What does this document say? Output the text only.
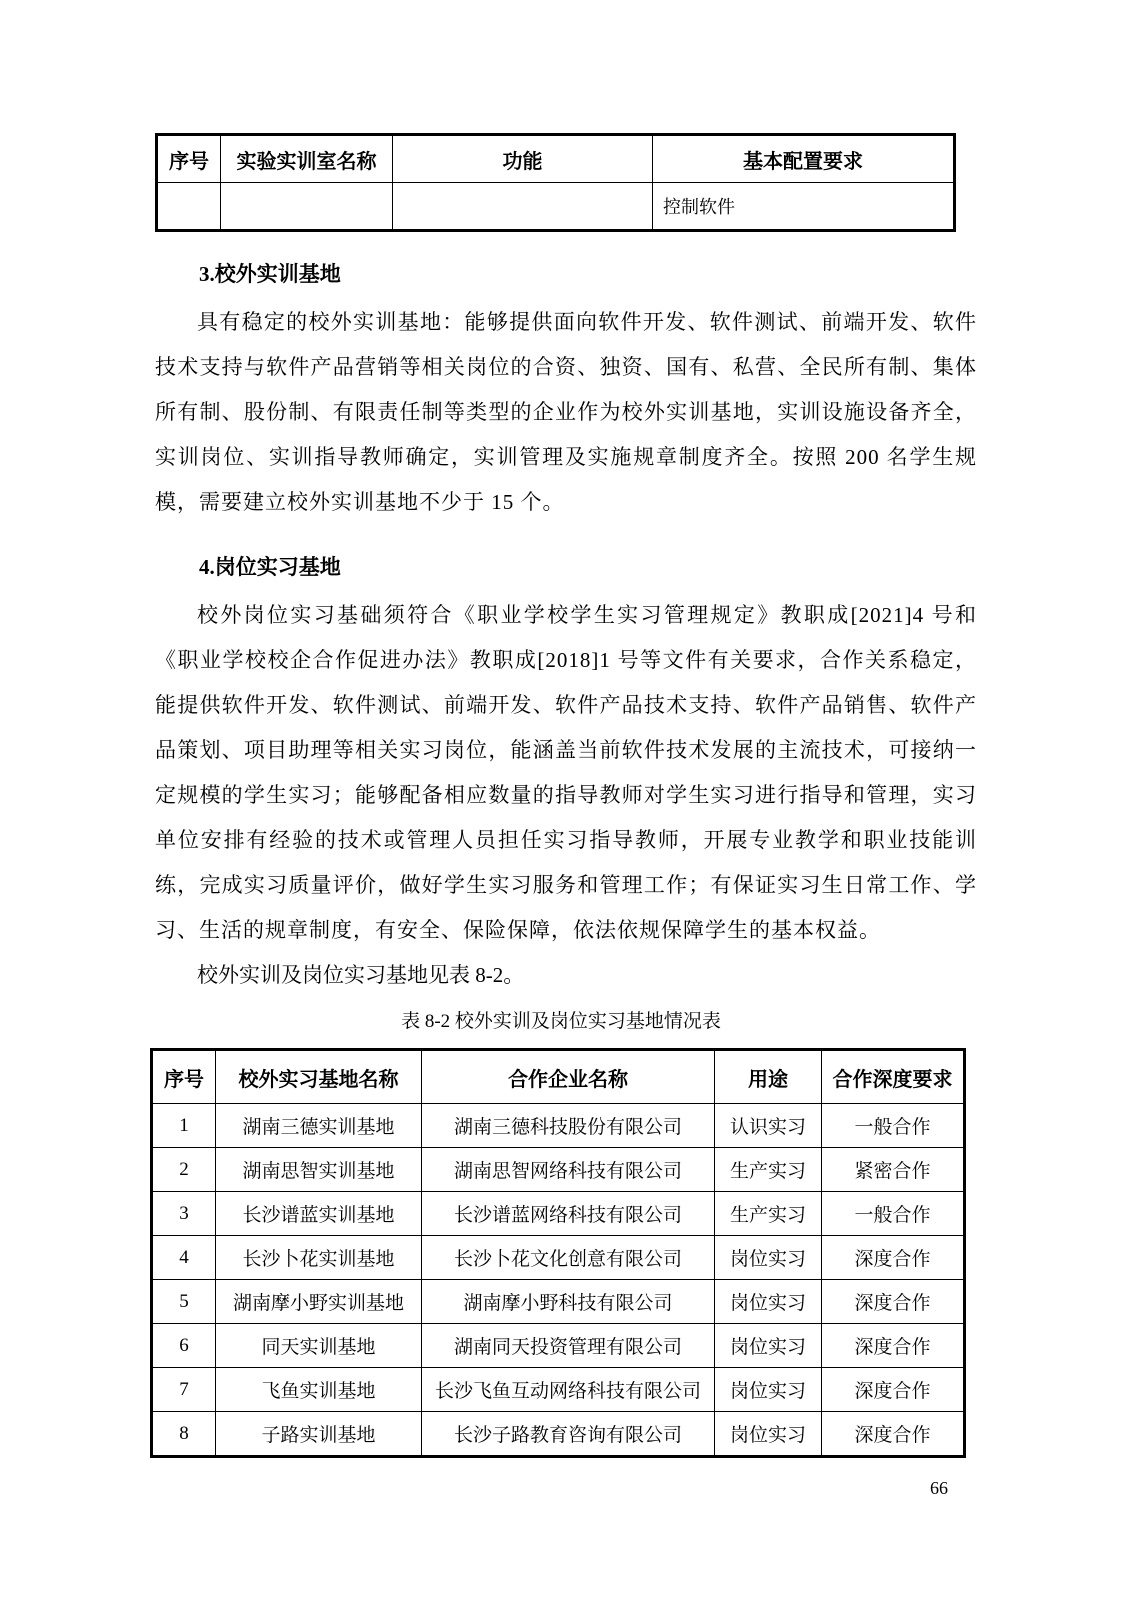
序号	实验实训室名称	功能	基本配置要求
			控制软件
3.校外实训基地

具有稳定的校外实训基地：能够提供面向软件开发、软件测试、前端开发、软件技术支持与软件产品营销等相关岗位的合资、独资、国有、私营、全民所有制、集体所有制、股份制、有限责任制等类型的企业作为校外实训基地，实训设施设备齐全，实训岗位、实训指导教师确定，实训管理及实施规章制度齐全。按照 200 名学生规模，需要建立校外实训基地不少于 15 个。

4.岗位实习基地

校外岗位实习基础须符合《职业学校学生实习管理规定》教职成[2021]4 号和《职业学校校企合作促进办法》教职成[2018]1 号等文件有关要求，合作关系稳定，能提供软件开发、软件测试、前端开发、软件产品技术支持、软件产品销售、软件产品策划、项目助理等相关实习岗位，能涵盖当前软件技术发展的主流技术，可接纳一定规模的学生实习；能够配备相应数量的指导教师对学生实习进行指导和管理，实习单位安排有经验的技术或管理人员担任实习指导教师，开展专业教学和职业技能训练，完成实习质量评价，做好学生实习服务和管理工作；有保证实习生日常工作、学习、生活的规章制度，有安全、保险保障，依法依规保障学生的基本权益。

校外实训及岗位实习基地见表 8-2。

表 8-2 校外实训及岗位实习基地情况表

序号	校外实习基地名称	合作企业名称	用途	合作深度要求
1	湖南三德实训基地	湖南三德科技股份有限公司	认识实习	一般合作
2	湖南思智实训基地	湖南思智网络科技有限公司	生产实习	紧密合作
3	长沙谱蓝实训基地	长沙谱蓝网络科技有限公司	生产实习	一般合作
4	长沙卜花实训基地	长沙卜花文化创意有限公司	岗位实习	深度合作
5	湖南摩小野实训基地	湖南摩小野科技有限公司	岗位实习	深度合作
6	同天实训基地	湖南同天投资管理有限公司	岗位实习	深度合作
7	飞鱼实训基地	长沙飞鱼互动网络科技有限公司	岗位实习	深度合作
8	子路实训基地	长沙子路教育咨询有限公司	岗位实习	深度合作
66
